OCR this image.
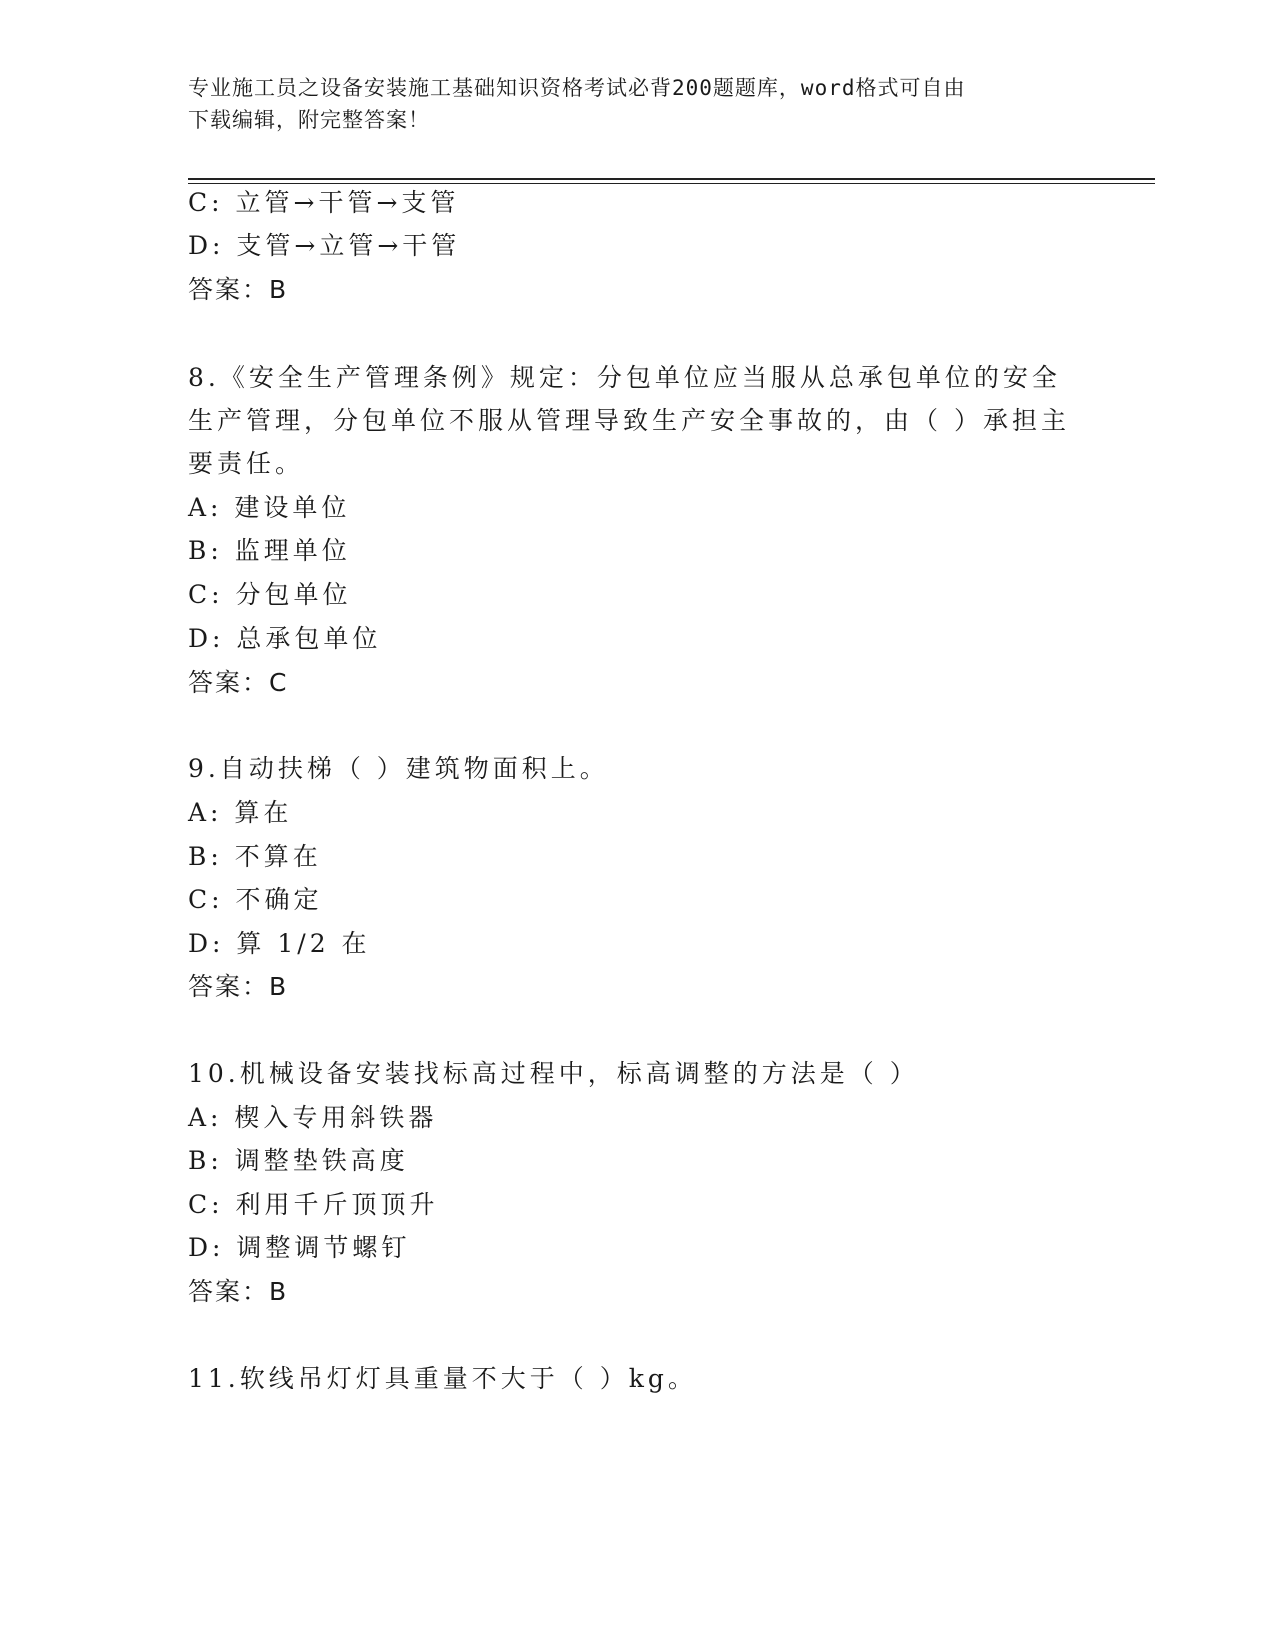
专业施工员之设备安装施工基础知识资格考试必背200题题库，word格式可自由
下载编辑，附完整答案！
C: 立管→干管→支管
D: 支管→立管→干管
答案：B
8.《安全生产管理条例》规定：分包单位应当服从总承包单位的安全
生产管理，分包单位不服从管理导致生产安全事故的，由（ ）承担主
要责任。
A: 建设单位
B: 监理单位
C: 分包单位
D: 总承包单位
答案：C
9.自动扶梯（ ）建筑物面积上。
A: 算在
B: 不算在
C: 不确定
D: 算 1/2 在
答案：B
10.机械设备安装找标高过程中，标高调整的方法是（ ）
A: 楔入专用斜铁器
B: 调整垫铁高度
C: 利用千斤顶顶升
D: 调整调节螺钉
答案：B
11.软线吊灯灯具重量不大于（ ）kg。
